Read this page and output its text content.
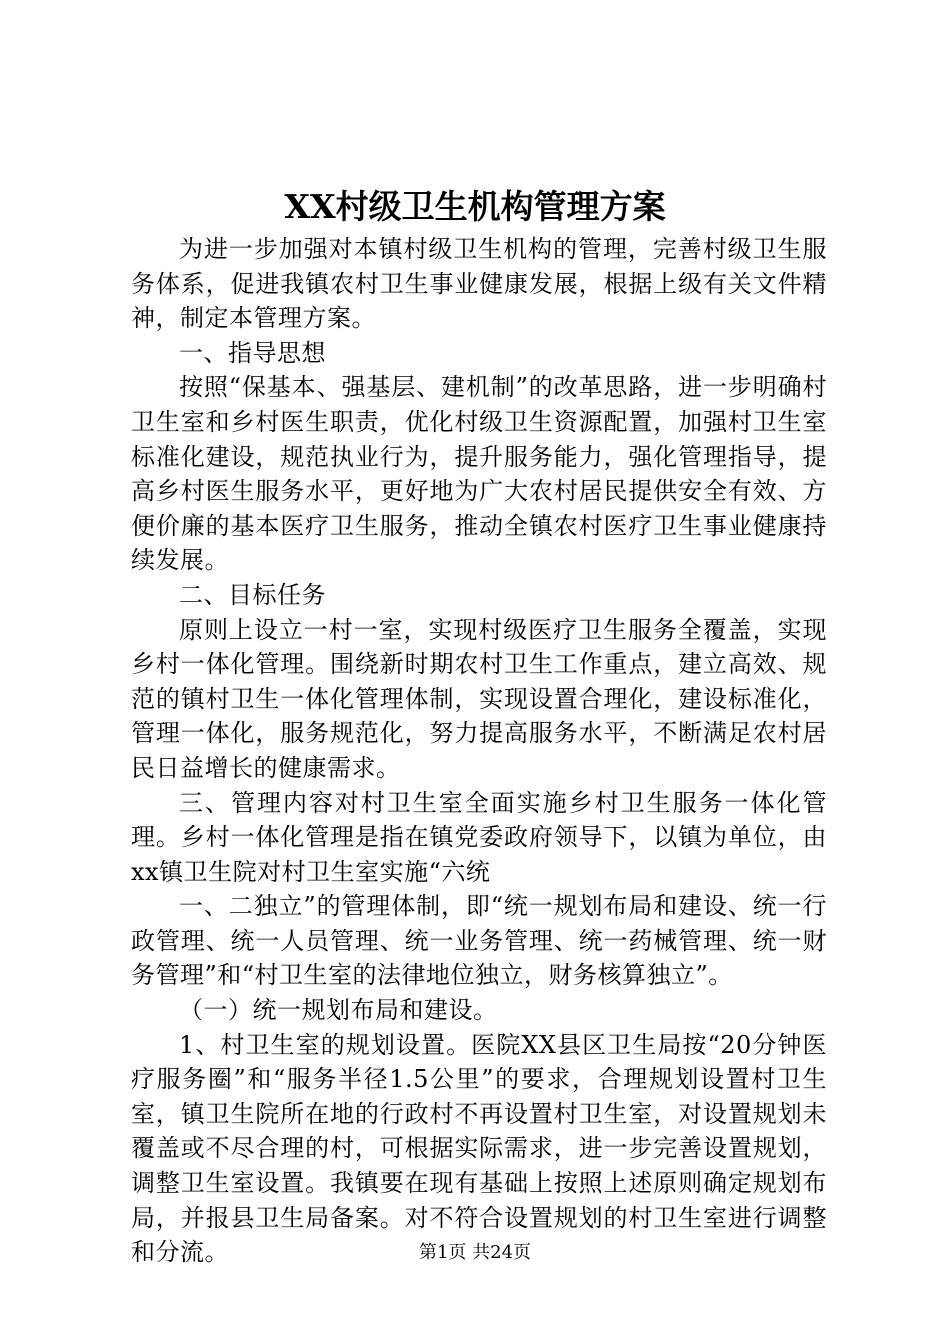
XX村级卫生机构管理方案

为进一步加强对本镇村级卫生机构的管理，完善村级卫生服务体系，促进我镇农村卫生事业健康发展，根据上级有关文件精神，制定本管理方案。

一、指导思想

按照“保基本、强基层、建机制”的改革思路，进一步明确村卫生室和乡村医生职责，优化村级卫生资源配置，加强村卫生室标准化建设，规范执业行为，提升服务能力，强化管理指导，提高乡村医生服务水平，更好地为广大农村居民提供安全有效、方便价廉的基本医疗卫生服务，推动全镇农村医疗卫生事业健康持续发展。

二、目标任务

原则上设立一村一室，实现村级医疗卫生服务全覆盖，实现乡村一体化管理。围绕新时期农村卫生工作重点，建立高效、规范的镇村卫生一体化管理体制，实现设置合理化，建设标准化，管理一体化，服务规范化，努力提高服务水平，不断满足农村居民日益增长的健康需求。

三、管理内容对村卫生室全面实施乡村卫生服务一体化管理。乡村一体化管理是指在镇党委政府领导下，以镇为单位，由xx镇卫生院对村卫生室实施“六统

一、二独立”的管理体制，即“统一规划布局和建设、统一行政管理、统一人员管理、统一业务管理、统一药械管理、统一财务管理”和“村卫生室的法律地位独立，财务核算独立”。

（一）统一规划布局和建设。

1、村卫生室的规划设置。医院XX县区卫生局按“20分钟医疗服务圈”和“服务半径1.5公里”的要求，合理规划设置村卫生室，镇卫生院所在地的行政村不再设置村卫生室，对设置规划未覆盖或不尽合理的村，可根据实际需求，进一步完善设置规划，调整卫生室设置。我镇要在现有基础上按照上述原则确定规划布局，并报县卫生局备案。对不符合设置规划的村卫生室进行调整和分流。	第1页 共24页
